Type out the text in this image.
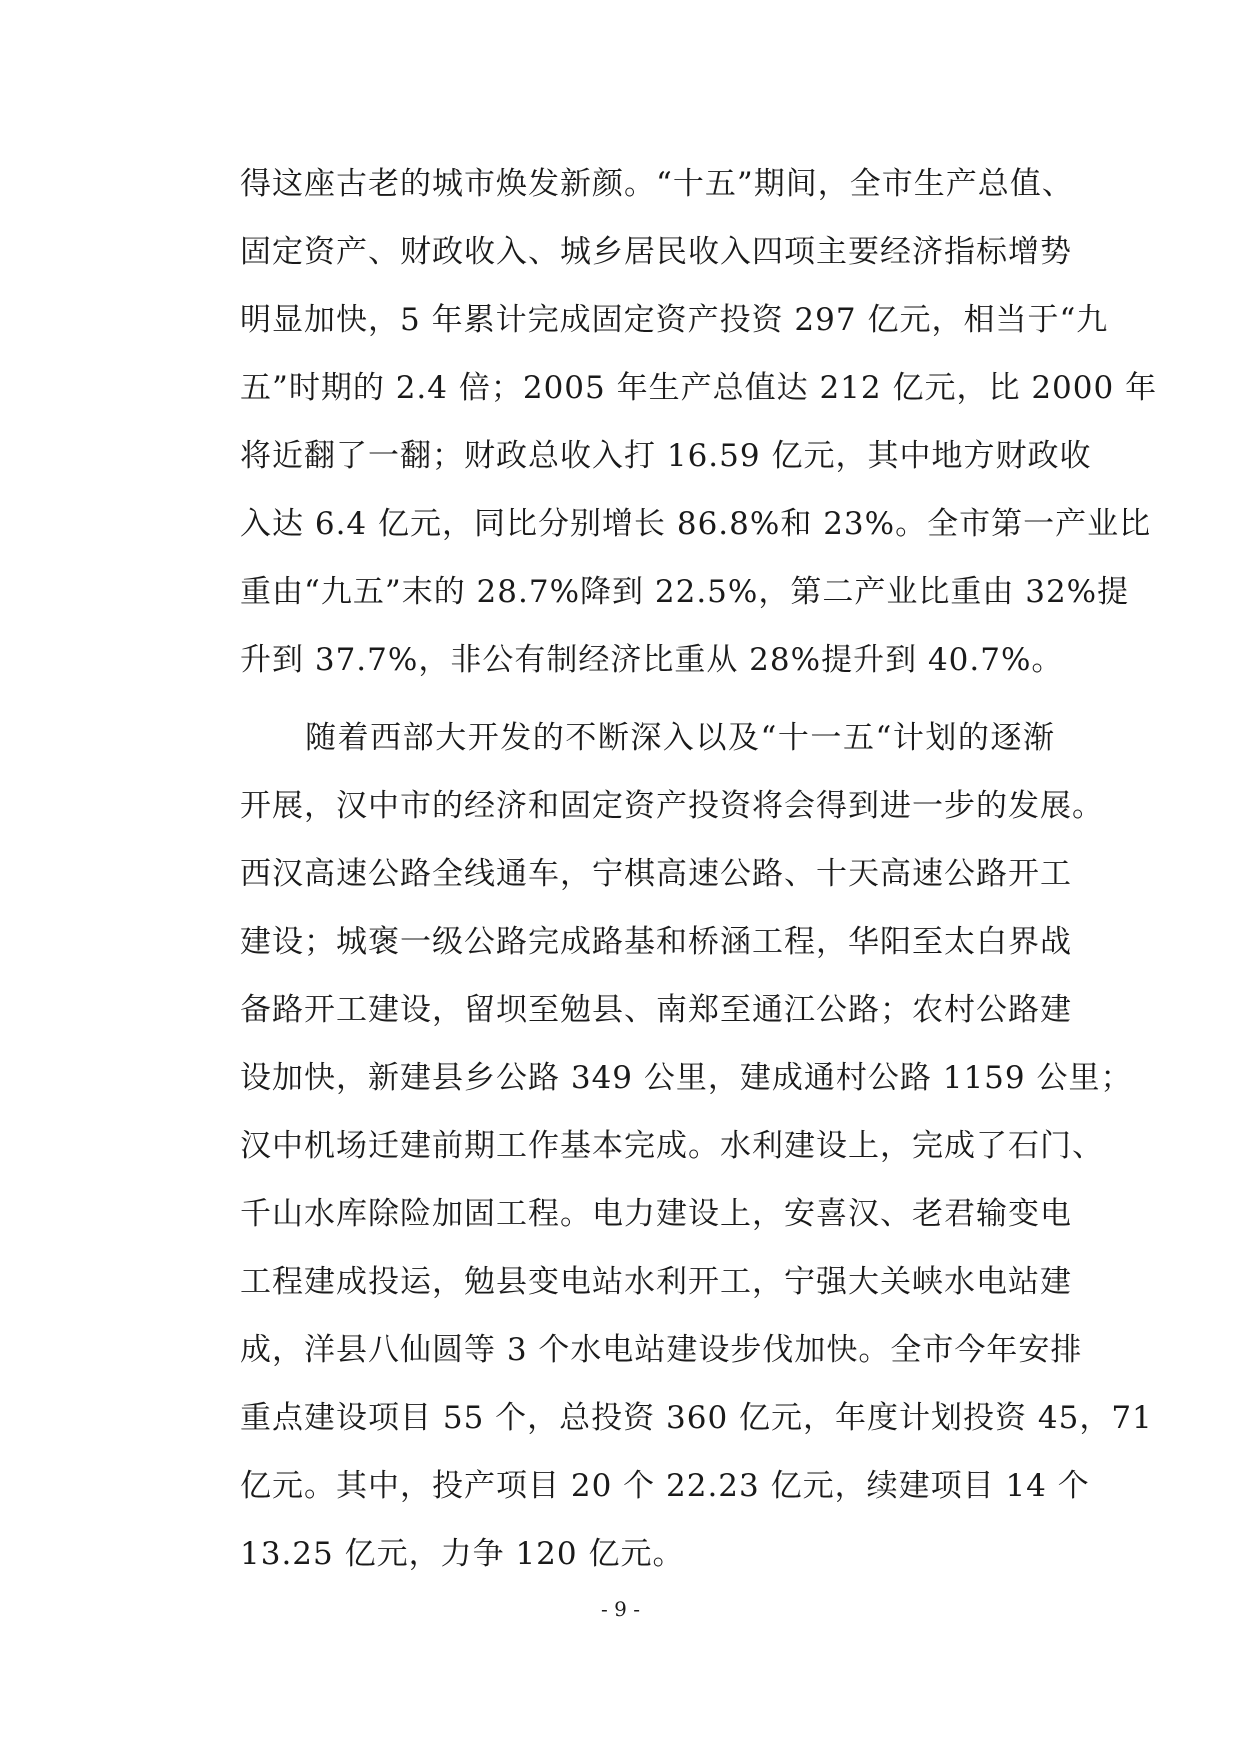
得这座古老的城市焕发新颜。“十五”期间，全市生产总值、
固定资产、财政收入、城乡居民收入四项主要经济指标增势
明显加快，5 年累计完成固定资产投资 297 亿元，相当于“九
五”时期的 2.4 倍；2005 年生产总值达 212 亿元，比 2000 年
将近翻了一翻；财政总收入打 16.59 亿元，其中地方财政收
入达 6.4 亿元，同比分别增长 86.8%和 23%。全市第一产业比
重由“九五”末的 28.7%降到 22.5%，第二产业比重由 32%提
升到 37.7%，非公有制经济比重从 28%提升到 40.7%。
　　随着西部大开发的不断深入以及“十一五“计划的逐渐
开展，汉中市的经济和固定资产投资将会得到进一步的发展。
西汉高速公路全线通车，宁棋高速公路、十天高速公路开工
建设；城褒一级公路完成路基和桥涵工程，华阳至太白界战
备路开工建设，留坝至勉县、南郑至通江公路；农村公路建
设加快，新建县乡公路 349 公里，建成通村公路 1159 公里；
汉中机场迁建前期工作基本完成。水利建设上，完成了石门、
千山水库除险加固工程。电力建设上，安喜汉、老君输变电
工程建成投运，勉县变电站水利开工，宁强大关峡水电站建
成，洋县八仙圆等 3 个水电站建设步伐加快。全市今年安排
重点建设项目 55 个，总投资 360 亿元，年度计划投资 45，71
亿元。其中，投产项目 20 个 22.23 亿元，续建项目 14 个
13.25 亿元，力争 120 亿元。
- 9 -
